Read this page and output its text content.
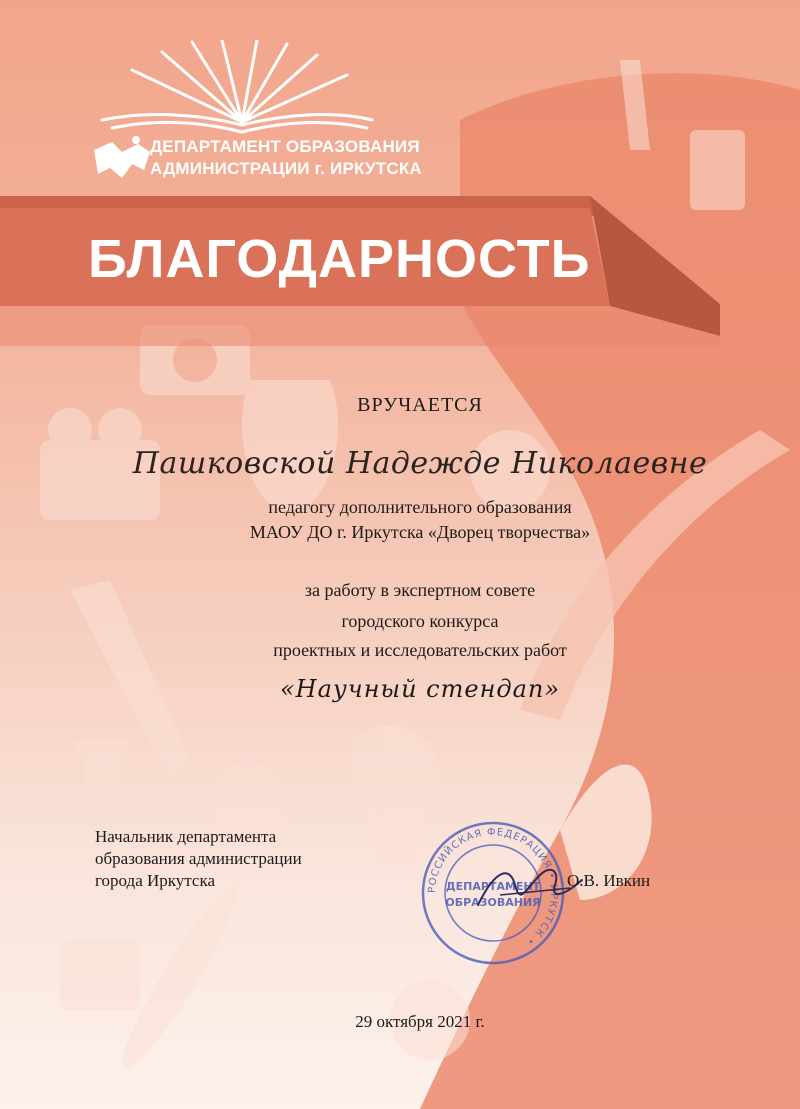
ДЕПАРТАМЕНТ ОБРАЗОВАНИЯ
АДМИНИСТРАЦИИ г. ИРКУТСКА
БЛАГОДАРНОСТЬ
ВРУЧАЕТСЯ
Пашковской Надежде Николаевне
педагогу дополнительного образования
МАОУ ДО г. Иркутска «Дворец творчества»
за работу в экспертном совете
городского конкурса
проектных и исследовательских работ
«Научный стендап»
Начальник департамента
образования администрации
города Иркутска	РОССИЙСКАЯ ФЕДЕРАЦИЯ • ИРКУТСК •
ДЕПАРТАМЕНТ
ОБРАЗОВАНИЯ
О.В. Ивкин
29 октября 2021 г.
